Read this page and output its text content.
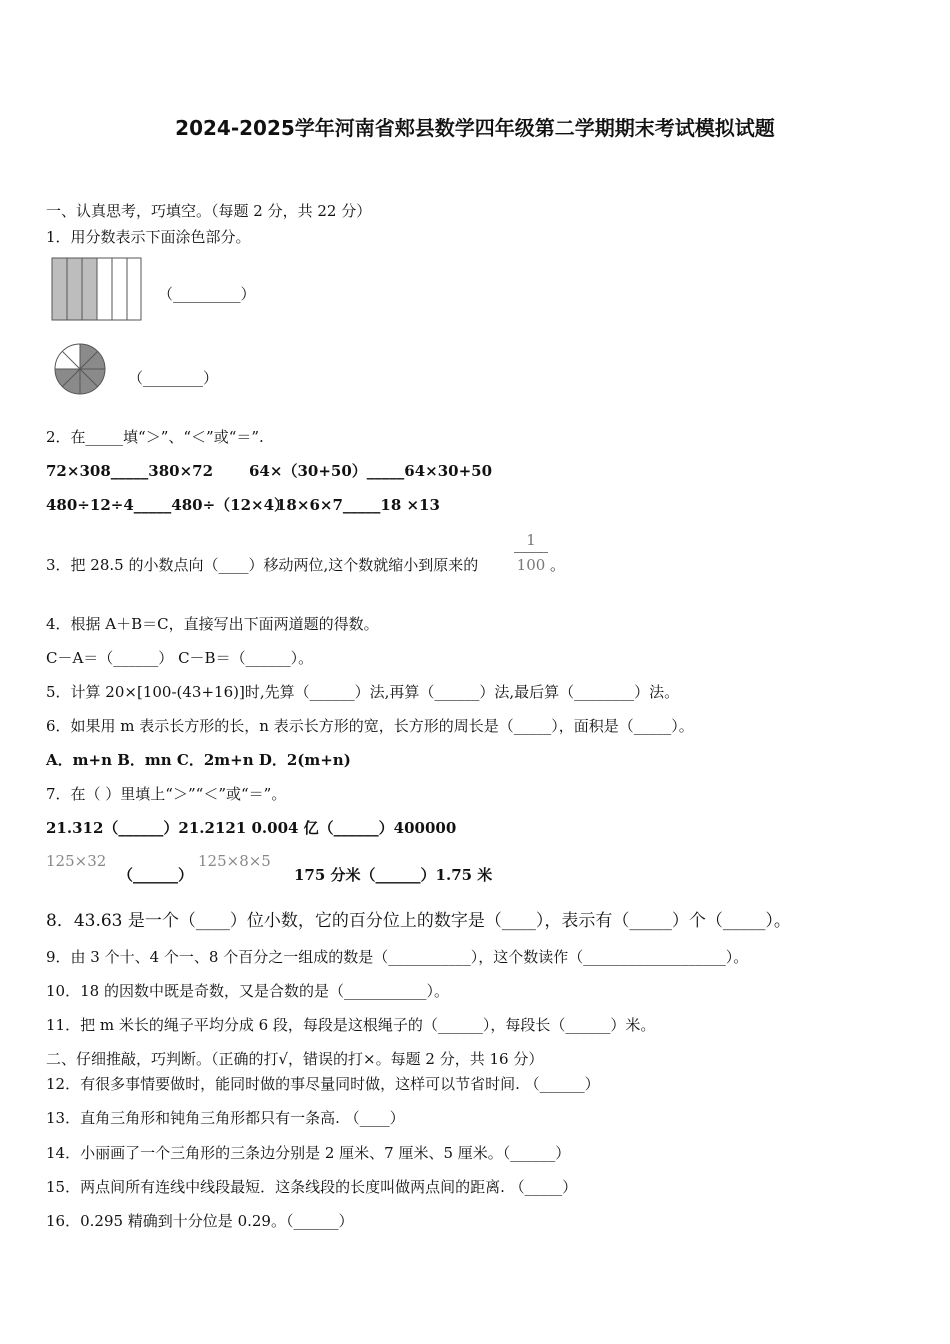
2024-2025学年河南省郏县数学四年级第二学期期末考试模拟试题
一、认真思考，巧填空。（每题 2 分，共 22 分）
1．用分数表示下面涂色部分。
（_________）
（________）
2．在_____填“＞”、“＜”或“＝”.
72×308_____380×72 64×（30+50）_____64×30+50
480÷12÷4_____480÷（12×4）
18×6×7_____18 ×13
3．把 28.5 的小数点向（____）移动两位,这个数就缩小到原来的
1
100 。
4．根据 A＋B＝C，直接写出下面两道题的得数。
C－A＝（______） C－B＝（______）。
5．计算 20×[100-(43+16)]时,先算（______）法,再算（______）法,最后算（________）法。
6．如果用 m 表示长方形的长，n 表示长方形的宽，长方形的周长是（_____），面积是（_____）。
A．m+n B．mn C．2m+n D．2(m+n)
7．在（ ）里填上“＞”“＜”或“＝”。
21.312（______）21.2121 0.004 亿（______）400000
125×32
（______）
125×8×5
175 分米（______）1.75 米
8．43.63 是一个（____）位小数，它的百分位上的数字是（____），表示有（_____）个（_____）。
9．由 3 个十、4 个一、8 个百分之一组成的数是（___________），这个数读作（___________________）。
10．18 的因数中既是奇数，又是合数的是（___________）。
11．把 m 米长的绳子平均分成 6 段，每段是这根绳子的（______），每段长（______）米。
二、仔细推敲，巧判断。（正确的打√，错误的打×。每题 2 分，共 16 分）
12．有很多事情要做时，能同时做的事尽量同时做，这样可以节省时间. （______）
13．直角三角形和钝角三角形都只有一条高. （____）
14．小丽画了一个三角形的三条边分别是 2 厘米、7 厘米、5 厘米。（______）
15．两点间所有连线中线段最短．这条线段的长度叫做两点间的距离. （_____）
16．0.295 精确到十分位是 0.29。（______）
